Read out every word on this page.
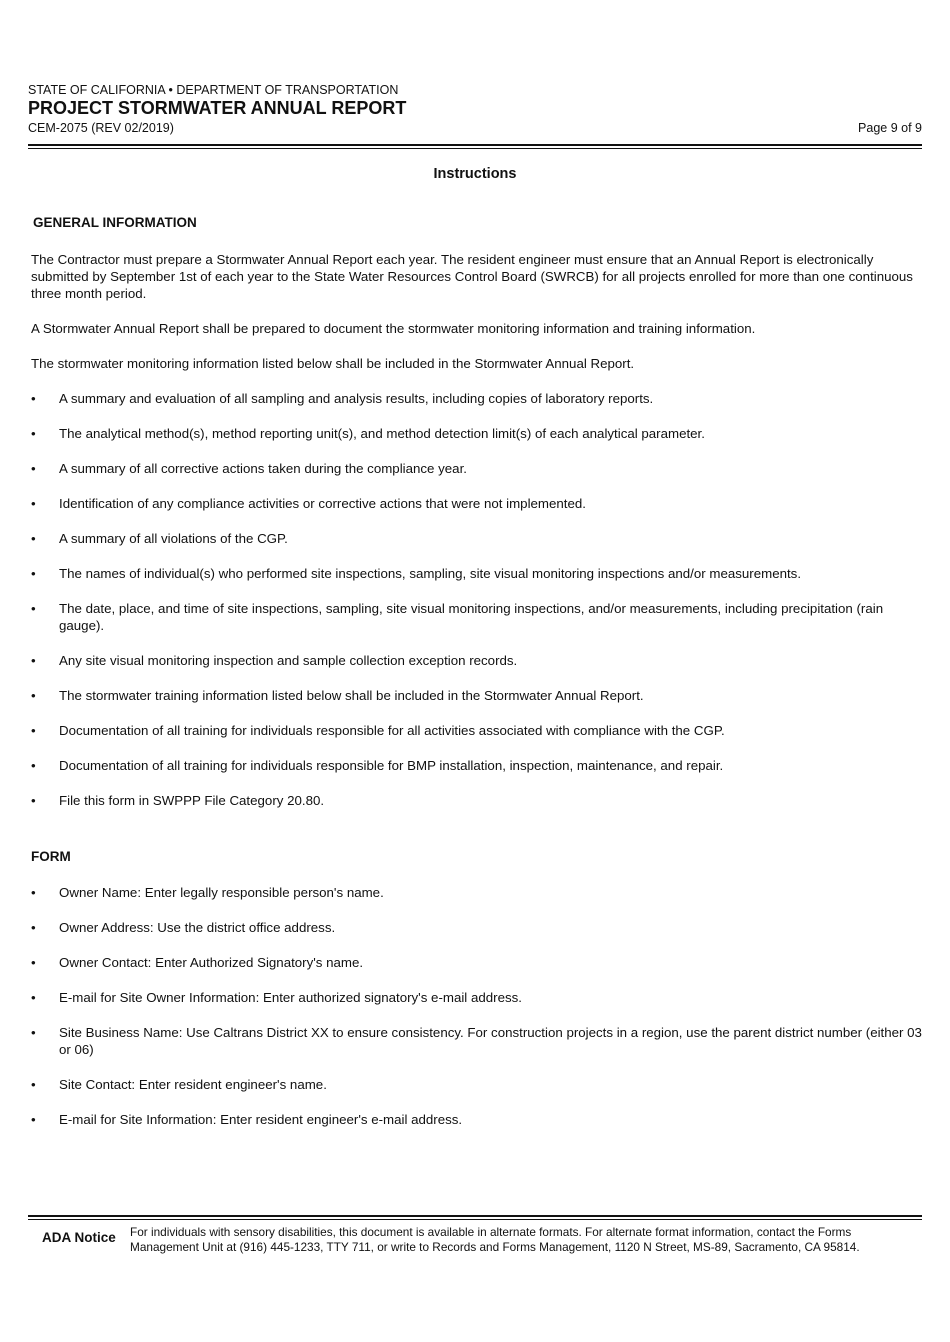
STATE OF CALIFORNIA • DEPARTMENT OF TRANSPORTATION
PROJECT STORMWATER ANNUAL REPORT
CEM-2075 (REV 02/2019)	Page 9 of 9
Instructions
GENERAL INFORMATION

The Contractor must prepare a Stormwater Annual Report each year. The resident engineer must ensure that an Annual Report is electronically submitted by September 1st of each year to the State Water Resources Control Board (SWRCB) for all projects enrolled for more than one continuous three month period.

A Stormwater Annual Report shall be prepared to document the stormwater monitoring information and training information.

The stormwater monitoring information listed below shall be included in the Stormwater Annual Report.

• A summary and evaluation of all sampling and analysis results, including copies of laboratory reports.
• The analytical method(s), method reporting unit(s), and method detection limit(s) of each analytical parameter.
• A summary of all corrective actions taken during the compliance year.
• Identification of any compliance activities or corrective actions that were not implemented.
• A summary of all violations of the CGP.
• The names of individual(s) who performed site inspections, sampling, site visual monitoring inspections and/or measurements.
• The date, place, and time of site inspections, sampling, site visual monitoring inspections, and/or measurements, including precipitation (rain gauge).
• Any site visual monitoring inspection and sample collection exception records.
• The stormwater training information listed below shall be included in the Stormwater Annual Report.
• Documentation of all training for individuals responsible for all activities associated with compliance with the CGP.
• Documentation of all training for individuals responsible for BMP installation, inspection, maintenance, and repair.
• File this form in SWPPP File Category 20.80.
FORM
• Owner Name: Enter legally responsible person's name.
• Owner Address: Use the district office address.
• Owner Contact: Enter Authorized Signatory's name.
• E-mail for Site Owner Information: Enter authorized signatory's e-mail address.
• Site Business Name: Use Caltrans District XX to ensure consistency. For construction projects in a region, use the parent district number (either 03 or 06)
• Site Contact: Enter resident engineer's name.
• E-mail for Site Information: Enter resident engineer's e-mail address.
ADA Notice	For individuals with sensory disabilities, this document is available in alternate formats. For alternate format information, contact the Forms Management Unit at (916) 445-1233, TTY 711, or write to Records and Forms Management, 1120 N Street, MS-89, Sacramento, CA 95814.
